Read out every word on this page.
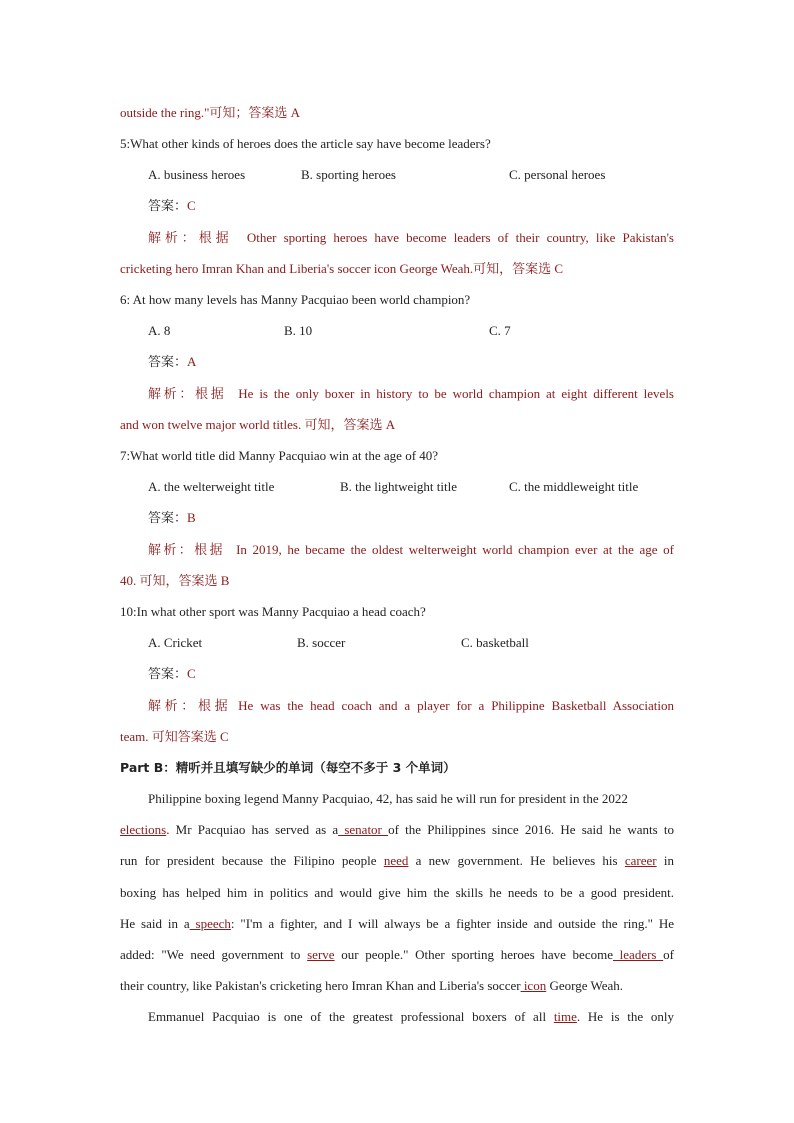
outside the ring."可知；答案选 A
5:What other kinds of heroes does the article say have become leaders?
A. business heroes	B. sporting heroes	C. personal heroes
答案：C
解析：根据 Other sporting heroes have become leaders of their country, like Pakistan's
cricketing hero Imran Khan and Liberia's soccer icon George Weah.可知，答案选 C
6: At how many levels has Manny Pacquiao been world champion?
A. 8	B. 10	C. 7
答案：A
解析：根据 He is the only boxer in history to be world champion at eight different levels
and won twelve major world titles. 可知，答案选 A
7:What world title did Manny Pacquiao win at the age of 40?
A. the welterweight title	B. the lightweight title	C. the middleweight title
答案：B
解析：根据 In 2019, he became the oldest welterweight world champion ever at the age of
40. 可知，答案选 B
10:In what other sport was Manny Pacquiao a head coach?
A. Cricket	B. soccer	C. basketball
答案：C
解析：根据 He was the head coach and a player for a Philippine Basketball Association
team. 可知答案选 C
Part B：精听并且填写缺少的单词（每空不多于 3 个单词）
Philippine boxing legend Manny Pacquiao, 42, has said he will run for president in the 2022
elections. Mr Pacquiao has served as a senator of the Philippines since 2016. He said he wants to
run for president because the Filipino people need a new government. He believes his career in
boxing has helped him in politics and would give him the skills he needs to be a good president.
He said in a speech: "I'm a fighter, and I will always be a fighter inside and outside the ring." He
added: "We need government to serve our people." Other sporting heroes have become leaders of
their country, like Pakistan's cricketing hero Imran Khan and Liberia's soccer icon George Weah.
Emmanuel Pacquiao is one of the greatest professional boxers of all time. He is the only
